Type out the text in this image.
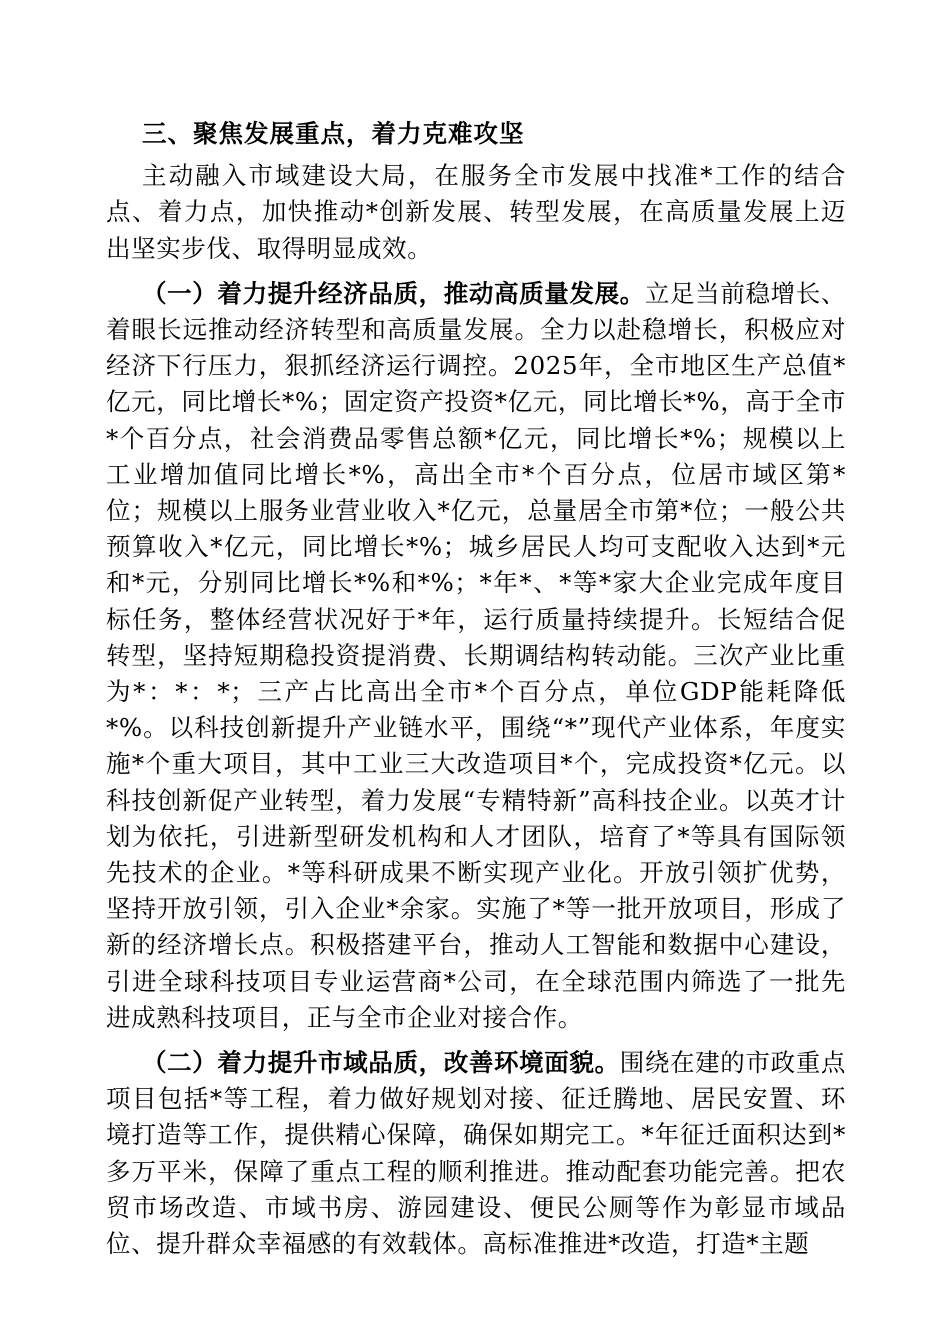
三、聚焦发展重点，着力克难攻坚

主动融入市域建设大局，在服务全市发展中找准*工作的结合点、着力点，加快推动*创新发展、转型发展，在高质量发展上迈出坚实步伐、取得明显成效。

（一）着力提升经济品质，推动高质量发展。立足当前稳增长、着眼长远推动经济转型和高质量发展。全力以赴稳增长，积极应对经济下行压力，狠抓经济运行调控。2025年，全市地区生产总值*亿元，同比增长*%；固定资产投资*亿元，同比增长*%，高于全市*个百分点，社会消费品零售总额*亿元，同比增长*%；规模以上工业增加值同比增长*%，高出全市*个百分点，位居市域区第*位；规模以上服务业营业收入*亿元，总量居全市第*位；一般公共预算收入*亿元，同比增长*%；城乡居民人均可支配收入达到*元和*元，分别同比增长*%和*%；*年*、*等*家大企业完成年度目标任务，整体经营状况好于*年，运行质量持续提升。长短结合促转型，坚持短期稳投资提消费、长期调结构转动能。三次产业比重为*：*：*；三产占比高出全市*个百分点，单位GDP能耗降低*%。以科技创新提升产业链水平，围绕“*”现代产业体系，年度实施*个重大项目，其中工业三大改造项目*个，完成投资*亿元。以科技创新促产业转型，着力发展“专精特新”高科技企业。以英才计划为依托，引进新型研发机构和人才团队，培育了*等具有国际领先技术的企业。*等科研成果不断实现产业化。开放引领扩优势，坚持开放引领，引入企业*余家。实施了*等一批开放项目，形成了新的经济增长点。积极搭建平台，推动人工智能和数据中心建设，引进全球科技项目专业运营商*公司，在全球范围内筛选了一批先进成熟科技项目，正与全市企业对接合作。

（二）着力提升市域品质，改善环境面貌。围绕在建的市政重点项目包括*等工程，着力做好规划对接、征迁腾地、居民安置、环境打造等工作，提供精心保障，确保如期完工。*年征迁面积达到*多万平米，保障了重点工程的顺利推进。推动配套功能完善。把农贸市场改造、市域书房、游园建设、便民公厕等作为彰显市域品位、提升群众幸福感的有效载体。高标准推进*改造，打造*主题
